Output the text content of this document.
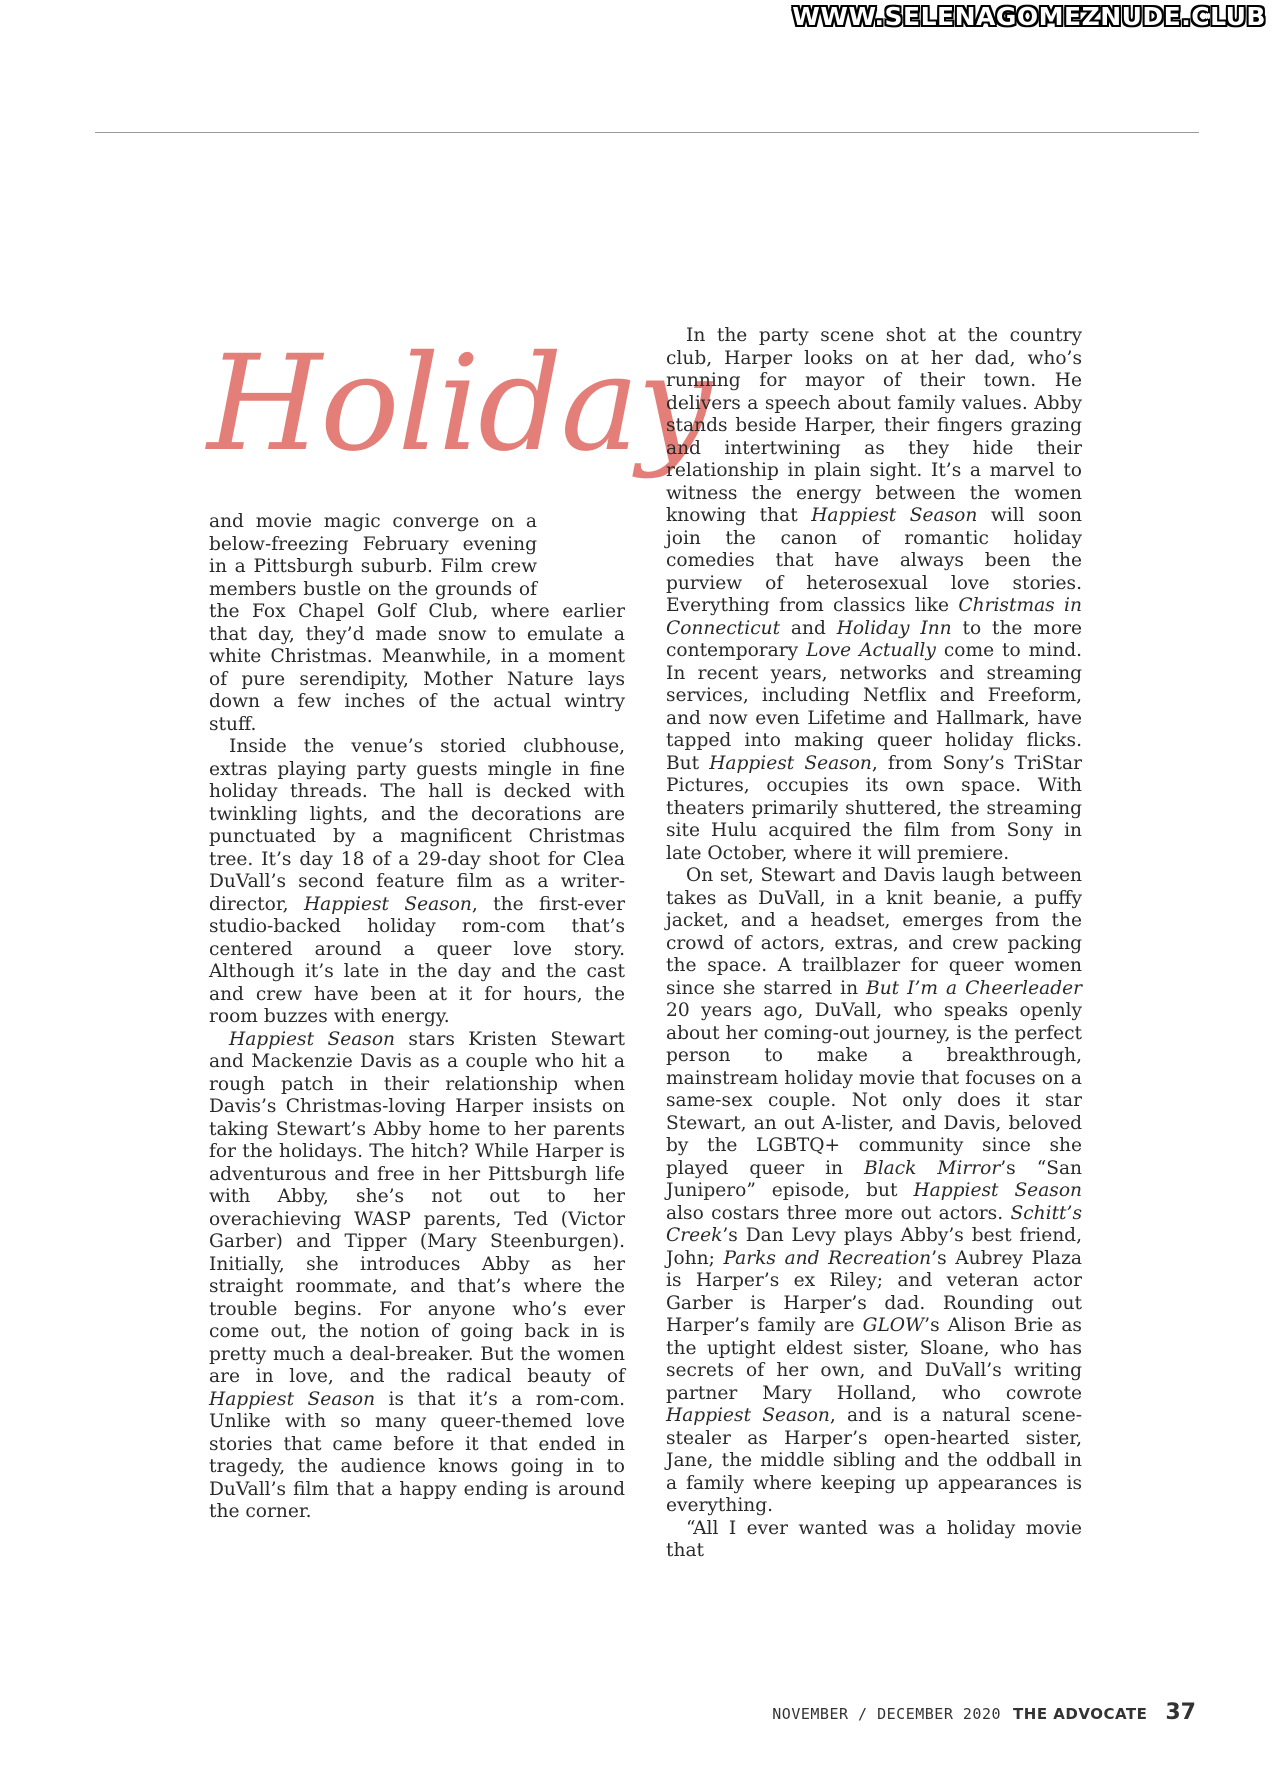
WWW.SELENAGOMEZNUDE.CLUB
Holiday

and movie magic converge on a below-freezing February evening in a Pittsburgh suburb. Film crew members bustle on the grounds of the Fox Chapel Golf Club, where earlier that day, they’d made snow to emulate a white Christmas. Meanwhile, in a moment of pure serendipity, Mother Nature lays down a few inches of the actual wintry stuff.

Inside the venue’s storied clubhouse, extras playing party guests mingle in fine holiday threads. The hall is decked with twinkling lights, and the decorations are punctuated by a magnificent Christmas tree. It’s day 18 of a 29-day shoot for Clea DuVall’s second feature film as a writer-director, Happiest Season, the first-ever studio-backed holiday rom-com that’s centered around a queer love story. Although it’s late in the day and the cast and crew have been at it for hours, the room buzzes with energy.

Happiest Season stars Kristen Stewart and Mackenzie Davis as a couple who hit a rough patch in their relationship when Davis’s Christmas-loving Harper insists on taking Stewart’s Abby home to her parents for the holidays. The hitch? While Harper is adventurous and free in her Pittsburgh life with Abby, she’s not out to her overachieving WASP parents, Ted (Victor Garber) and Tipper (Mary Steenburgen). Initially, she introduces Abby as her straight roommate, and that’s where the trouble begins. For anyone who’s ever come out, the notion of going back in is pretty much a deal-breaker. But the women are in love, and the radical beauty of Happiest Season is that it’s a rom-com. Unlike with so many queer-themed love stories that came before it that ended in tragedy, the audience knows going in to DuVall’s film that a happy ending is around the corner.

In the party scene shot at the country club, Harper looks on at her dad, who’s running for mayor of their town. He delivers a speech about family values. Abby stands beside Harper, their fingers grazing and intertwining as they hide their relationship in plain sight. It’s a marvel to witness the energy between the women knowing that Happiest Season will soon join the canon of romantic holiday comedies that have always been the purview of heterosexual love stories. Everything from classics like Christmas in Connecticut and Holiday Inn to the more contemporary Love Actually come to mind. In recent years, networks and streaming services, including Netflix and Freeform, and now even Lifetime and Hallmark, have tapped into making queer holiday flicks. But Happiest Season, from Sony’s TriStar Pictures, occupies its own space. With theaters primarily shuttered, the streaming site Hulu acquired the film from Sony in late October, where it will premiere.

On set, Stewart and Davis laugh between takes as DuVall, in a knit beanie, a puffy jacket, and a headset, emerges from the crowd of actors, extras, and crew packing the space. A trailblazer for queer women since she starred in But I’m a Cheerleader 20 years ago, DuVall, who speaks openly about her coming-out journey, is the perfect person to make a breakthrough, mainstream holiday movie that focuses on a same-sex couple. Not only does it star Stewart, an out A-lister, and Davis, beloved by the LGBTQ+ community since she played queer in Black Mirror’s “San Junipero” episode, but Happiest Season also costars three more out actors. Schitt’s Creek’s Dan Levy plays Abby’s best friend, John; Parks and Recreation’s Aubrey Plaza is Harper’s ex Riley; and veteran actor Garber is Harper’s dad. Rounding out Harper’s family are GLOW’s Alison Brie as the uptight eldest sister, Sloane, who has secrets of her own, and DuVall’s writing partner Mary Holland, who cowrote Happiest Season, and is a natural scene-stealer as Harper’s open-hearted sister, Jane, the middle sibling and the oddball in a family where keeping up appearances is everything.

“All I ever wanted was a holiday movie that

NOVEMBER / DECEMBER 2020 THE ADVOCATE 37
